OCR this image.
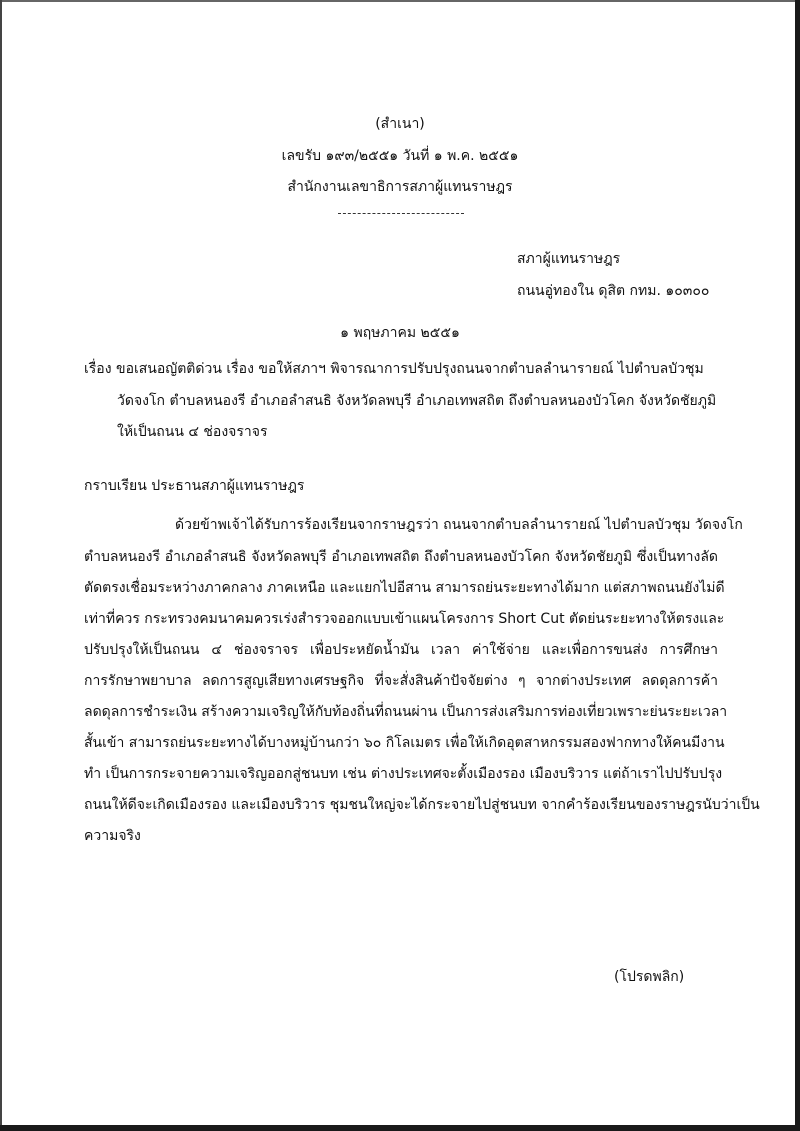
(สำเนา)
เลขรับ ๑๙๓/๒๕๕๑ วันที่ ๑ พ.ค. ๒๕๕๑
สำนักงานเลขาธิการสภาผู้แทนราษฎร
สภาผู้แทนราษฎร
ถนนอู่ทองใน ดุสิต กทม. ๑๐๓๐๐
๑ พฤษภาคม ๒๕๕๑
เรื่อง ขอเสนอญัตติด่วน เรื่อง ขอให้สภาฯ พิจารณาการปรับปรุงถนนจากตำบลลำนารายณ์ ไปตำบลบัวชุม
วัดจงโก ตำบลหนองรี อำเภอลำสนธิ จังหวัดลพบุรี อำเภอเทพสถิต ถึงตำบลหนองบัวโคก จังหวัดชัยภูมิ
ให้เป็นถนน ๔ ช่องจราจร
กราบเรียน ประธานสภาผู้แทนราษฎร
ด้วยข้าพเจ้าได้รับการร้องเรียนจากราษฎรว่า ถนนจากตำบลลำนารายณ์ ไปตำบลบัวชุม วัดจงโก
ตำบลหนองรี อำเภอลำสนธิ จังหวัดลพบุรี อำเภอเทพสถิต ถึงตำบลหนองบัวโคก จังหวัดชัยภูมิ ซึ่งเป็นทางลัด
ตัดตรงเชื่อมระหว่างภาคกลาง ภาคเหนือ และแยกไปอีสาน สามารถย่นระยะทางได้มาก แต่สภาพถนนยังไม่ดี
เท่าที่ควร กระทรวงคมนาคมควรเร่งสำรวจออกแบบเข้าแผนโครงการ Short Cut ตัดย่นระยะทางให้ตรงและ
ปรับปรุงให้เป็นถนน ๔ ช่องจราจร เพื่อประหยัดน้ำมัน เวลา ค่าใช้จ่าย และเพื่อการขนส่ง การศึกษา
การรักษาพยาบาล ลดการสูญเสียทางเศรษฐกิจ ที่จะสั่งสินค้าปัจจัยต่าง ๆ จากต่างประเทศ ลดดุลการค้า
ลดดุลการชำระเงิน สร้างความเจริญให้กับท้องถิ่นที่ถนนผ่าน เป็นการส่งเสริมการท่องเที่ยวเพราะย่นระยะเวลา
สั้นเข้า สามารถย่นระยะทางได้บางหมู่บ้านกว่า ๖๐ กิโลเมตร เพื่อให้เกิดอุตสาหกรรมสองฟากทางให้คนมีงาน
ทำ เป็นการกระจายความเจริญออกสู่ชนบท เช่น ต่างประเทศจะตั้งเมืองรอง เมืองบริวาร แต่ถ้าเราไปปรับปรุง
ถนนให้ดีจะเกิดเมืองรอง และเมืองบริวาร ชุมชนใหญ่จะได้กระจายไปสู่ชนบท จากคำร้องเรียนของราษฎรนับว่าเป็น
ความจริง
(โปรดพลิก)
